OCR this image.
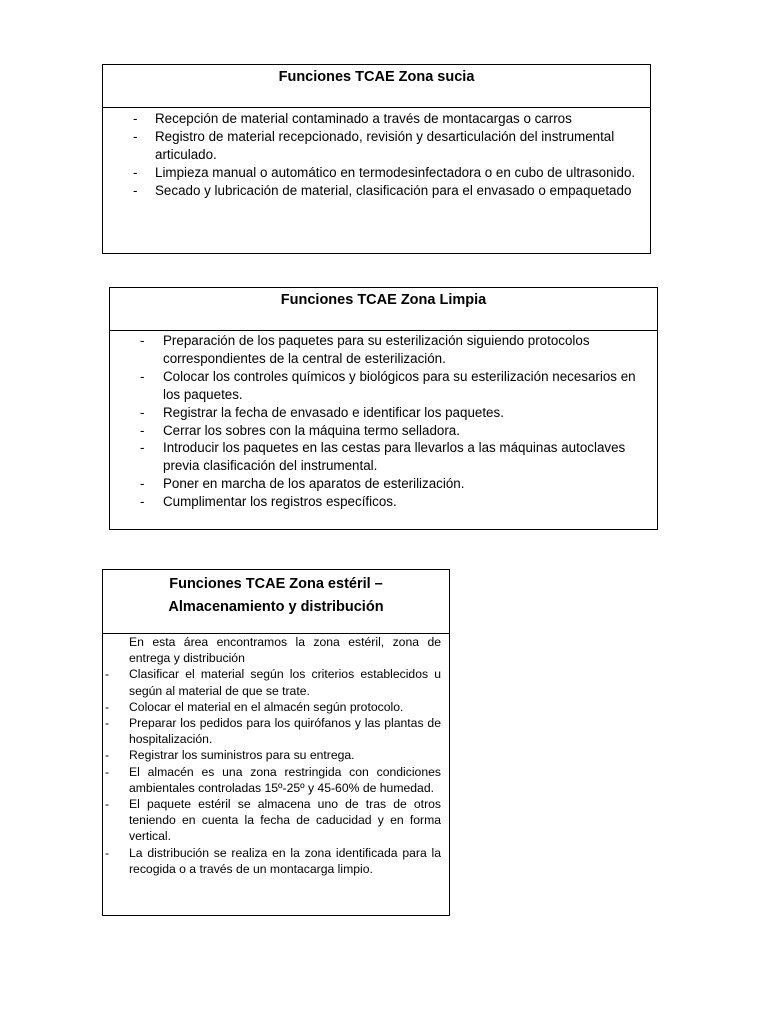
Funciones TCAE Zona sucia
- Recepción de material contaminado a través de montacargas o carros
- Registro de material recepcionado, revisión y desarticulación del instrumental articulado.
- Limpieza manual o automático en termodesinfectadora o en cubo de ultrasonido.
- Secado y lubricación de material, clasificación para el envasado o empaquetado
Funciones TCAE Zona Limpia
- Preparación de los paquetes para su esterilización siguiendo protocolos correspondientes de la central de esterilización.
- Colocar los controles químicos y biológicos para su esterilización necesarios en los paquetes.
- Registrar la fecha de envasado e identificar los paquetes.
- Cerrar los sobres con la máquina termo selladora.
- Introducir los paquetes en las cestas para llevarlos a las máquinas autoclaves previa clasificación del instrumental.
- Poner en marcha de los aparatos de esterilización.
- Cumplimentar los registros específicos.
Funciones TCAE Zona estéril –
Almacenamiento y distribución
En esta área encontramos la zona estéril, zona de entrega y distribución
- Clasificar el material según los criterios establecidos u según al material de que se trate.
- Colocar el material en el almacén según protocolo.
- Preparar los pedidos para los quirófanos y las plantas de hospitalización.
- Registrar los suministros para su entrega.
- El almacén es una zona restringida con condiciones ambientales controladas 15º-25º y 45-60% de humedad.
- El paquete estéril se almacena uno de tras de otros teniendo en cuenta la fecha de caducidad y en forma vertical.
- La distribución se realiza en la zona identificada para la recogida o a través de un montacarga limpio.
